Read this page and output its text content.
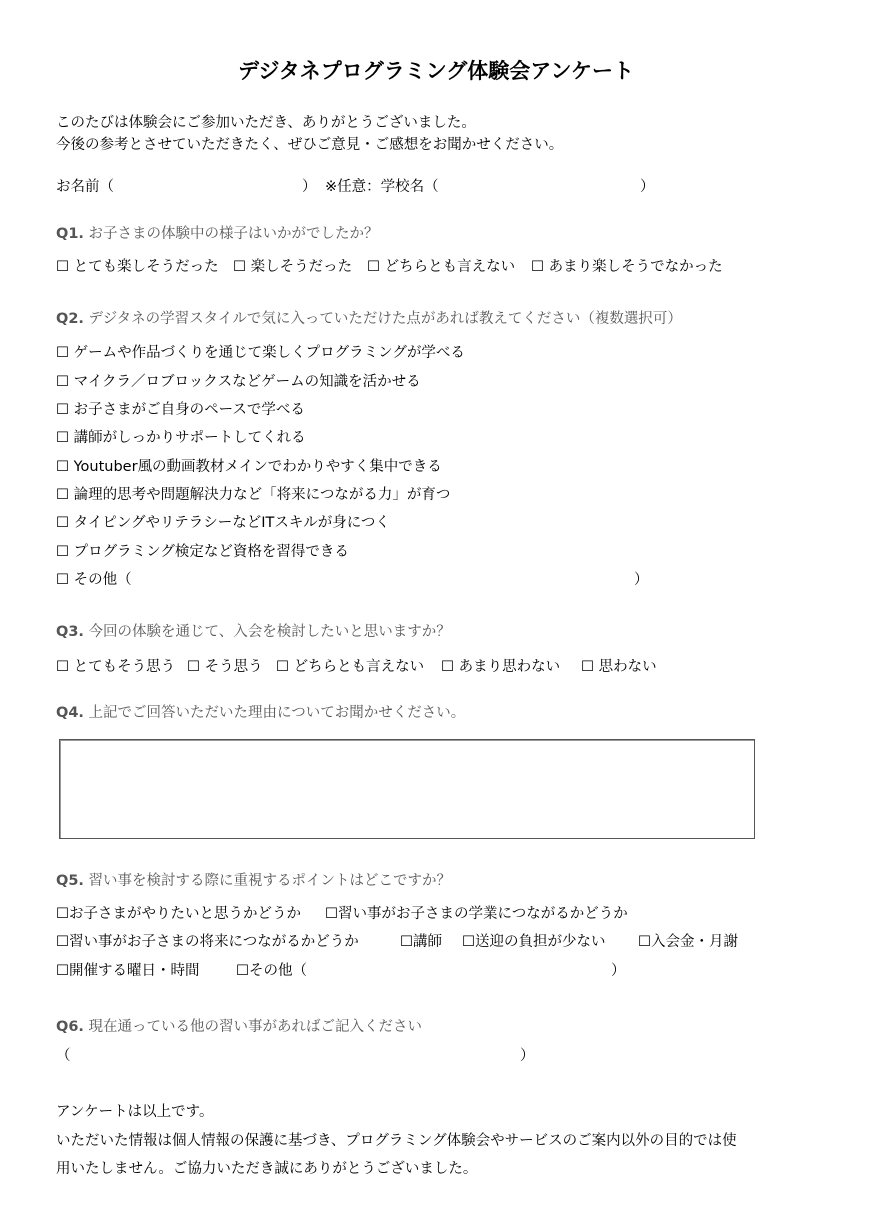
デジタネプログラミング体験会アンケート
このたびは体験会にご参加いただき、ありがとうございました。
今後の参考とさせていただきたく、ぜひご意見・ご感想をお聞かせください。
お名前（	） ※任意：学校名（	）
Q1. お子さまの体験中の様子はいかがでしたか？
☐ とても楽しそうだった ☐ 楽しそうだった ☐ どちらとも言えない ☐ あまり楽しそうでなかった
Q2. デジタネの学習スタイルで気に入っていただけた点があれば教えてください（複数選択可）
☐ ゲームや作品づくりを通じて楽しくプログラミングが学べる
☐ マイクラ／ロブロックスなどゲームの知識を活かせる
☐ お子さまがご自身のペースで学べる
☐ 講師がしっかりサポートしてくれる
☐ Youtuber風の動画教材メインでわかりやすく集中できる
☐ 論理的思考や問題解決力など「将来につながる力」が育つ
☐ タイピングやリテラシーなどITスキルが身につく
☐ プログラミング検定など資格を習得できる
☐ その他（	）
Q3. 今回の体験を通じて、入会を検討したいと思いますか？
☐ とてもそう思う ☐ そう思う ☐ どちらとも言えない ☐ あまり思わない ☐ 思わない
Q4. 上記でご回答いただいた理由についてお聞かせください。
Q5. 習い事を検討する際に重視するポイントはどこですか？
☐お子さまがやりたいと思うかどうか ☐習い事がお子さまの学業につながるかどうか
☐習い事がお子さまの将来につながるかどうか	☐講師 ☐送迎の負担が少ない ☐入会金・月謝
☐開催する曜日・時間	☐その他（	）
Q6. 現在通っている他の習い事があればご記入ください
（	）
アンケートは以上です。
いただいた情報は個人情報の保護に基づき、プログラミング体験会やサービスのご案内以外の目的では使
用いたしません。ご協力いただき誠にありがとうございました。
